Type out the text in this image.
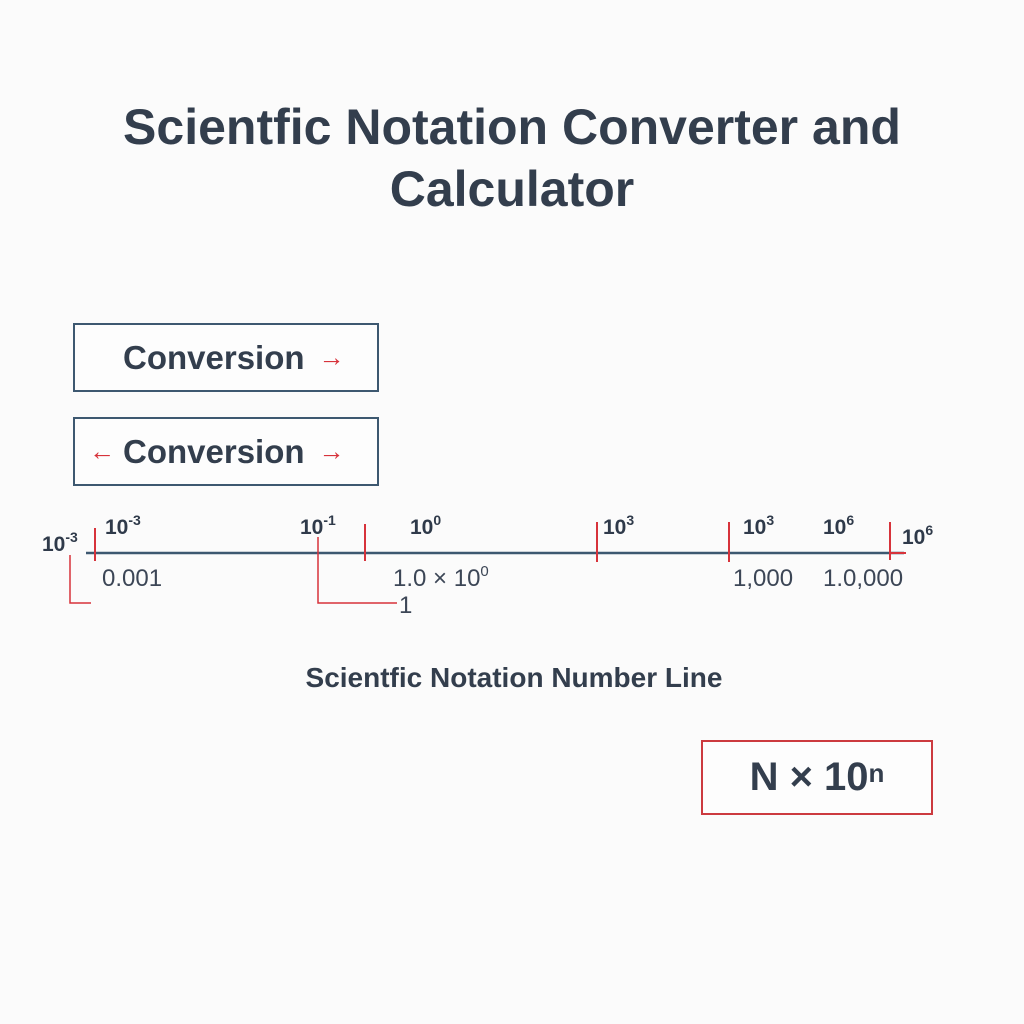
Scientfic Notation Converter and
Calculator
Conversion →
← Conversion →
$10^{-3}$ $10^{-3}$	$10^{-1}$	$10^0$	$10^3$	$10^3$ $10^6$
$10^6$
0.001	$1.0 \times 10^0$
1
1,000 1.0,000
Scientfic Notation Number Line
$N \times 10^n$
